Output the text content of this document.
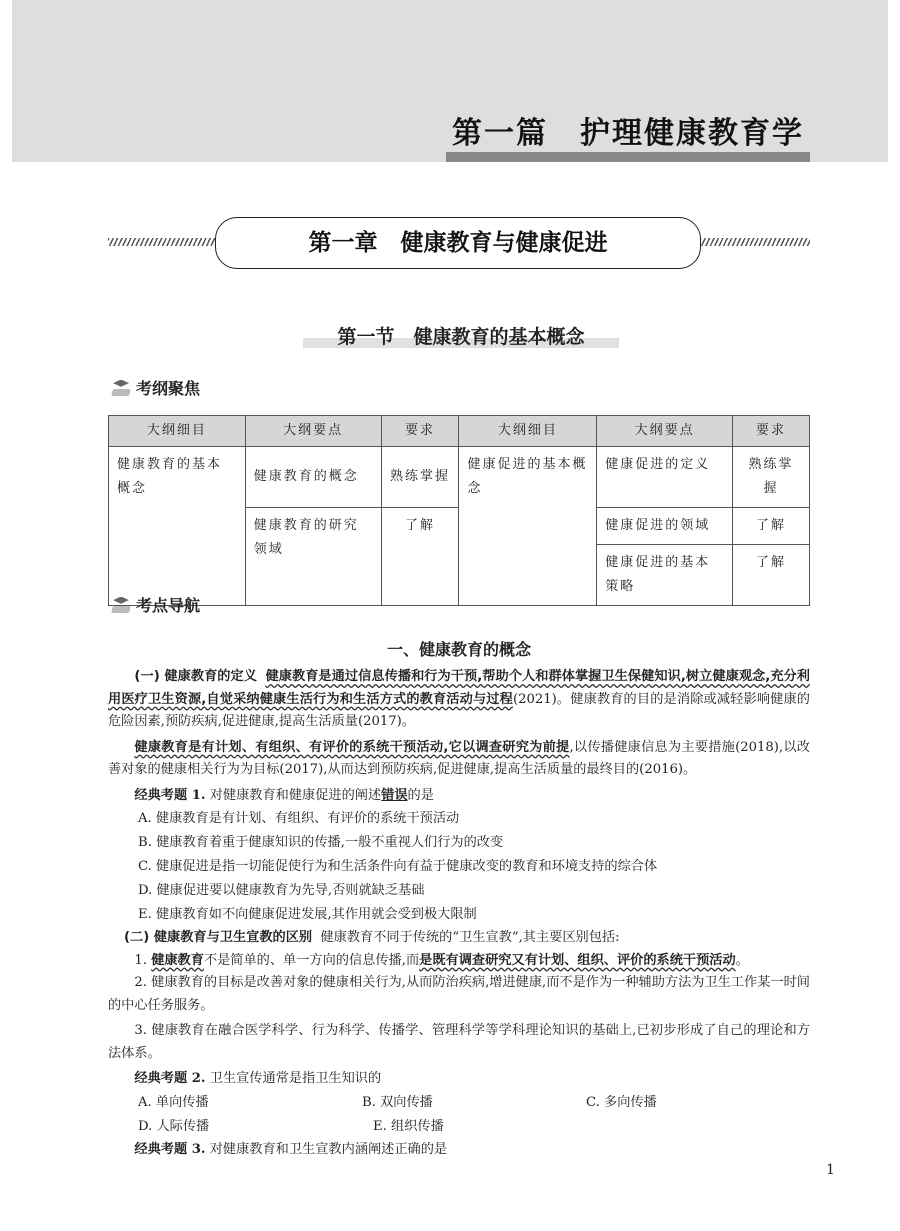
第一篇　护理健康教育学
第一章　健康教育与健康促进
第一节　健康教育的基本概念
考纲聚焦
大纲细目	大纲要点	要求	大纲细目	大纲要点	要求
健康教育的基本概念	健康教育的概念	熟练掌握	健康促进的基本概念	健康促进的定义	熟练掌握
	健康教育的研究领域	了解		健康促进的领域	了解
				健康促进的基本策略	了解
考点导航
一、健康教育的概念

(一) 健康教育的定义 健康教育是通过信息传播和行为干预,帮助个人和群体掌握卫生保健知识,树立健康观念,充分利用医疗卫生资源,自觉采纳健康生活行为和生活方式的教育活动与过程(2021)。健康教育的目的是消除或减轻影响健康的危险因素,预防疾病,促进健康,提高生活质量(2017)。

健康教育是有计划、有组织、有评价的系统干预活动,它以调查研究为前提,以传播健康信息为主要措施(2018),以改善对象的健康相关行为为目标(2017),从而达到预防疾病,促进健康,提高生活质量的最终目的(2016)。

经典考题 1. 对健康教育和健康促进的阐述错误的是

A. 健康教育是有计划、有组织、有评价的系统干预活动
B. 健康教育着重于健康知识的传播,一般不重视人们行为的改变
C. 健康促进是指一切能促使行为和生活条件向有益于健康改变的教育和环境支持的综合体
D. 健康促进要以健康教育为先导,否则就缺乏基础
E. 健康教育如不向健康促进发展,其作用就会受到极大限制

(二) 健康教育与卫生宣教的区别 健康教育不同于传统的“卫生宣教”,其主要区别包括:

1. 健康教育不是简单的、单一方向的信息传播,而是既有调查研究又有计划、组织、评价的系统干预活动。

2. 健康教育的目标是改善对象的健康相关行为,从而防治疾病,增进健康,而不是作为一种辅助方法为卫生工作某一时间的中心任务服务。

3. 健康教育在融合医学科学、行为科学、传播学、管理科学等学科理论知识的基础上,已初步形成了自己的理论和方法体系。

经典考题 2. 卫生宣传通常是指卫生知识的

A. 单向传播	B. 双向传播	C. 多向传播
D. 人际传播	E. 组织传播

经典考题 3. 对健康教育和卫生宣教内涵阐述正确的是

1
